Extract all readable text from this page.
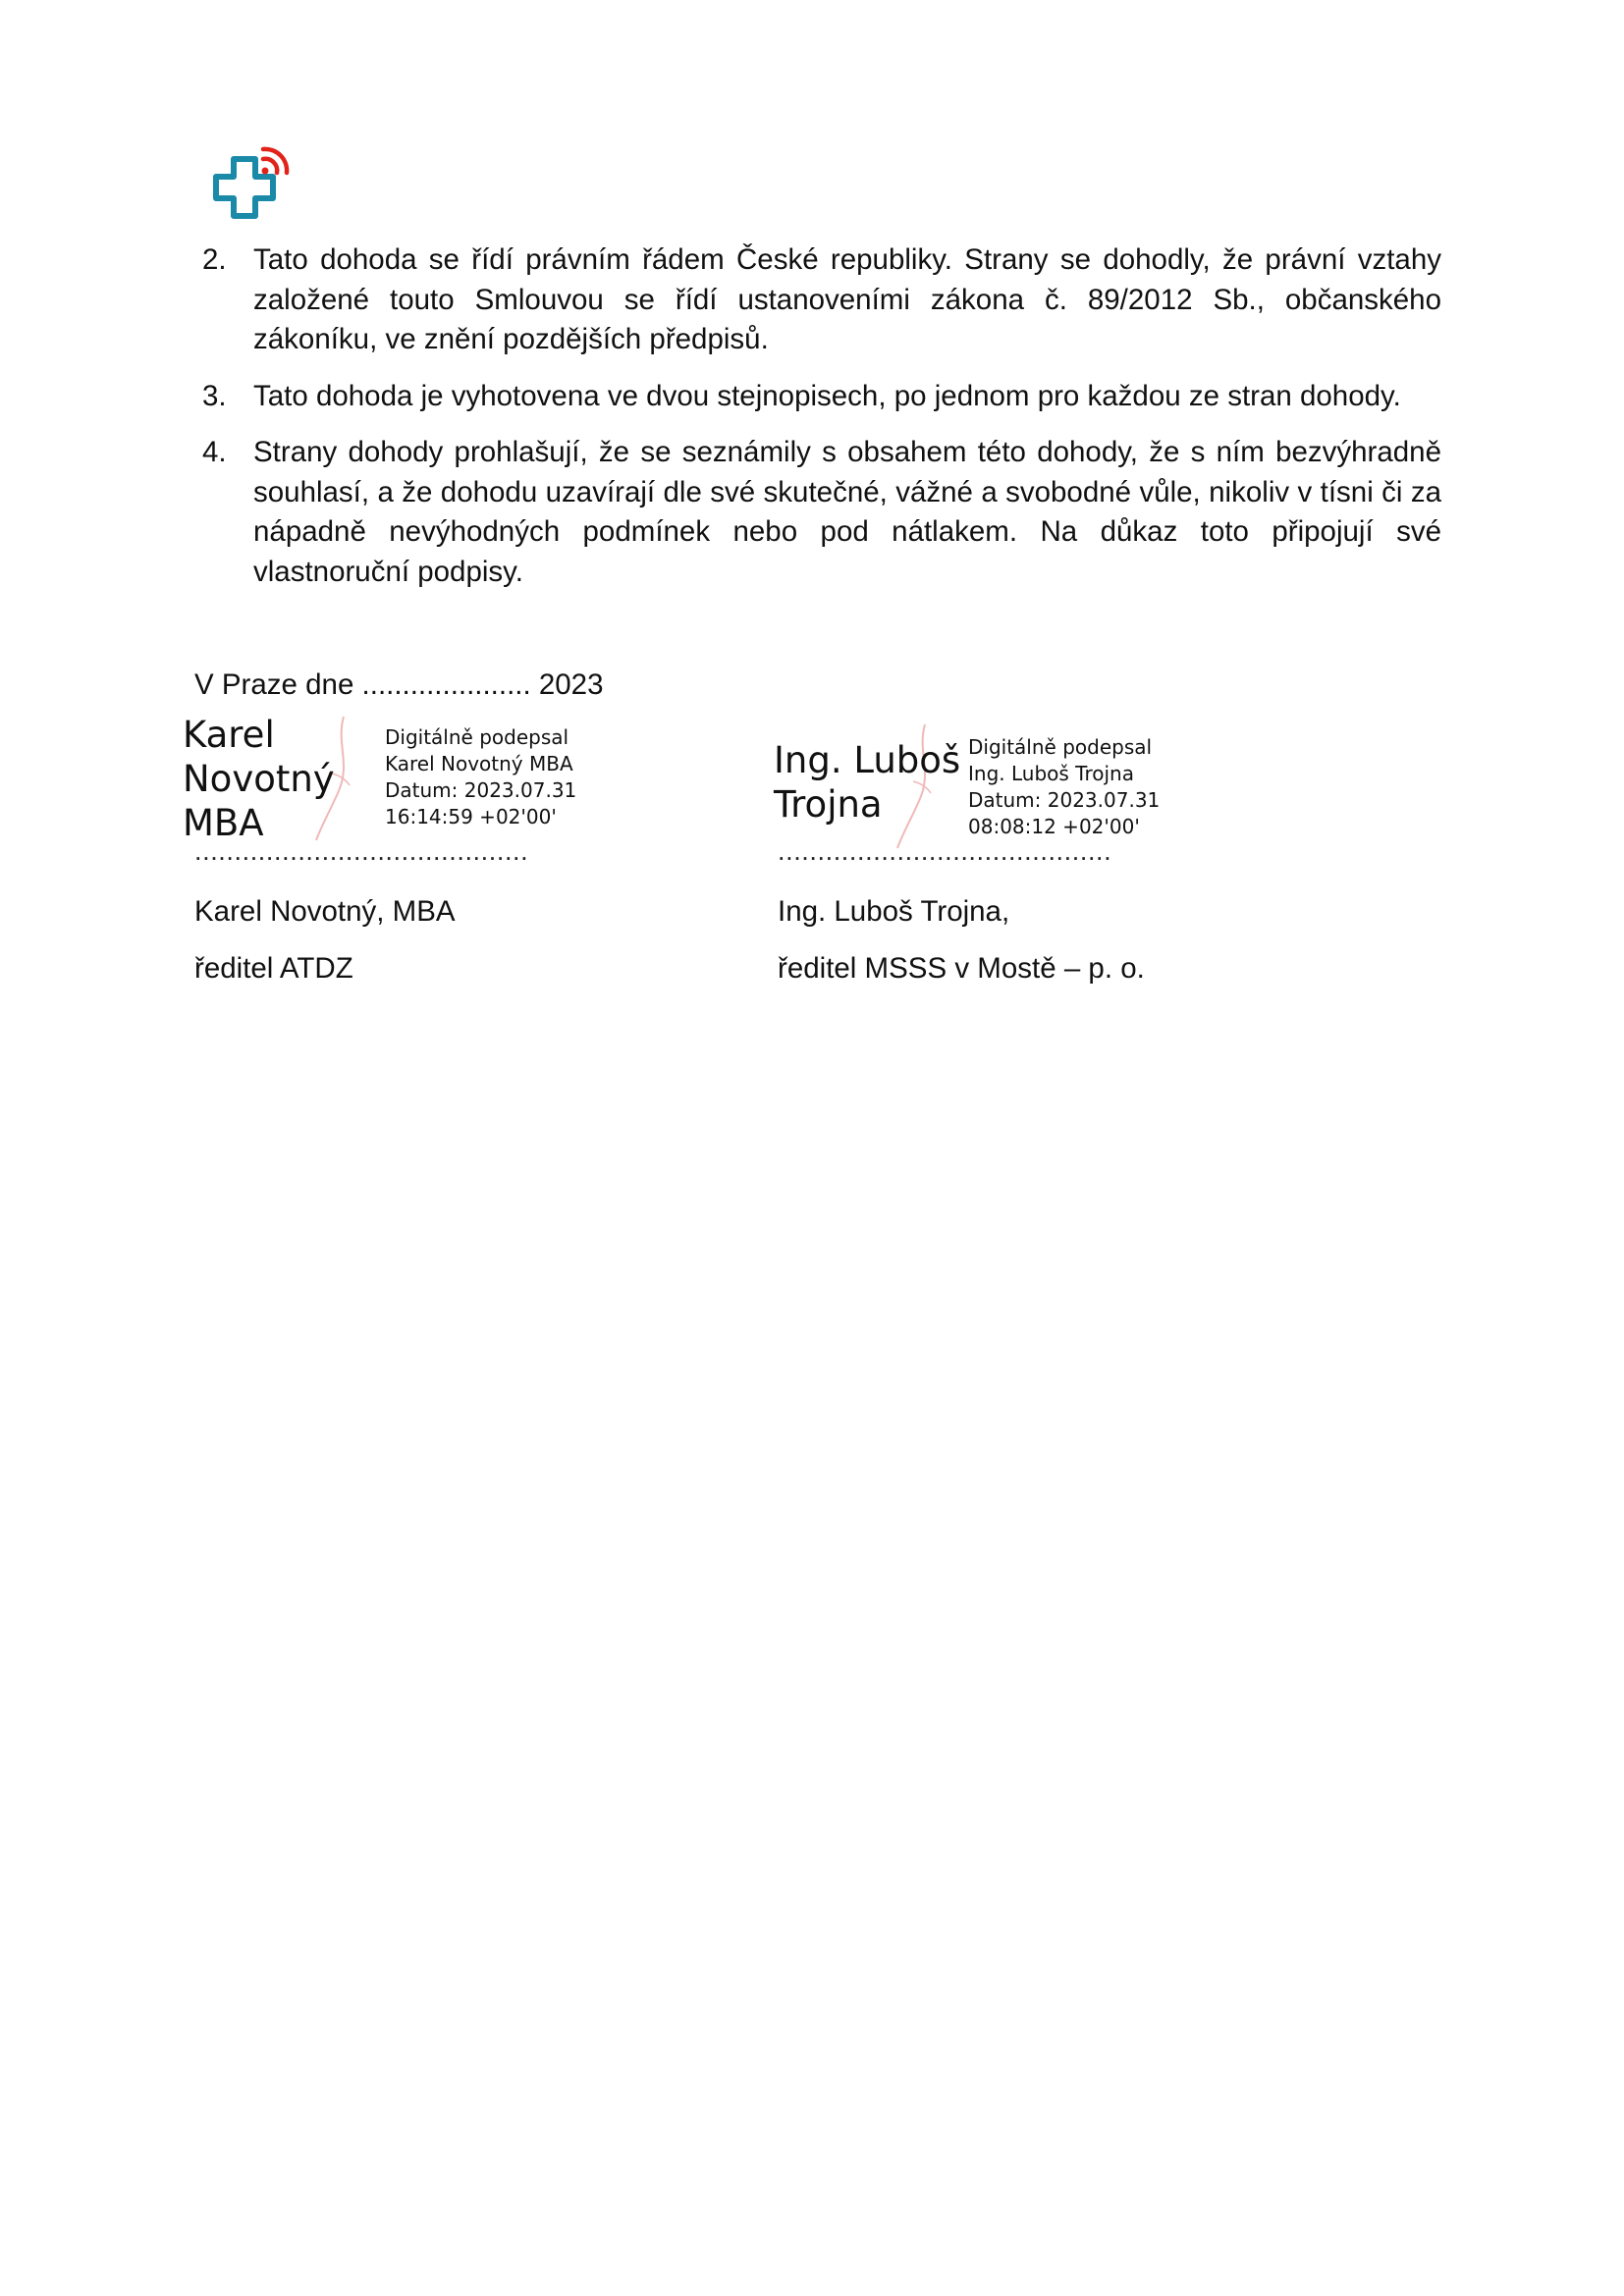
2. Tato dohoda se řídí právním řádem České republiky. Strany se dohodly, že právní vztahy založené touto Smlouvou se řídí ustanoveními zákona č. 89/2012 Sb., občanského zákoníku, ve znění pozdějších předpisů.
3. Tato dohoda je vyhotovena ve dvou stejnopisech, po jednom pro každou ze stran dohody.
4. Strany dohody prohlašují, že se seznámily s obsahem této dohody, že s ním bezvýhradně souhlasí, a že dohodu uzavírají dle své skutečné, vážné a svobodné vůle, nikoliv v tísni či za nápadně nevýhodných podmínek nebo pod nátlakem. Na důkaz toto připojují své vlastnoruční podpisy.
V Praze dne ..................... 2023
Karel
Novotný
MBA
Digitálně podepsal
Karel Novotný MBA
Datum: 2023.07.31
16:14:59 +02'00'
Ing. Luboš
Trojna
Digitálně podepsal
Ing. Luboš Trojna
Datum: 2023.07.31
08:08:12 +02'00'
..........................................	..........................................
Karel Novotný, MBA
ředitel ATDZ
Ing. Luboš Trojna,
ředitel MSSS v Mostě – p. o.
